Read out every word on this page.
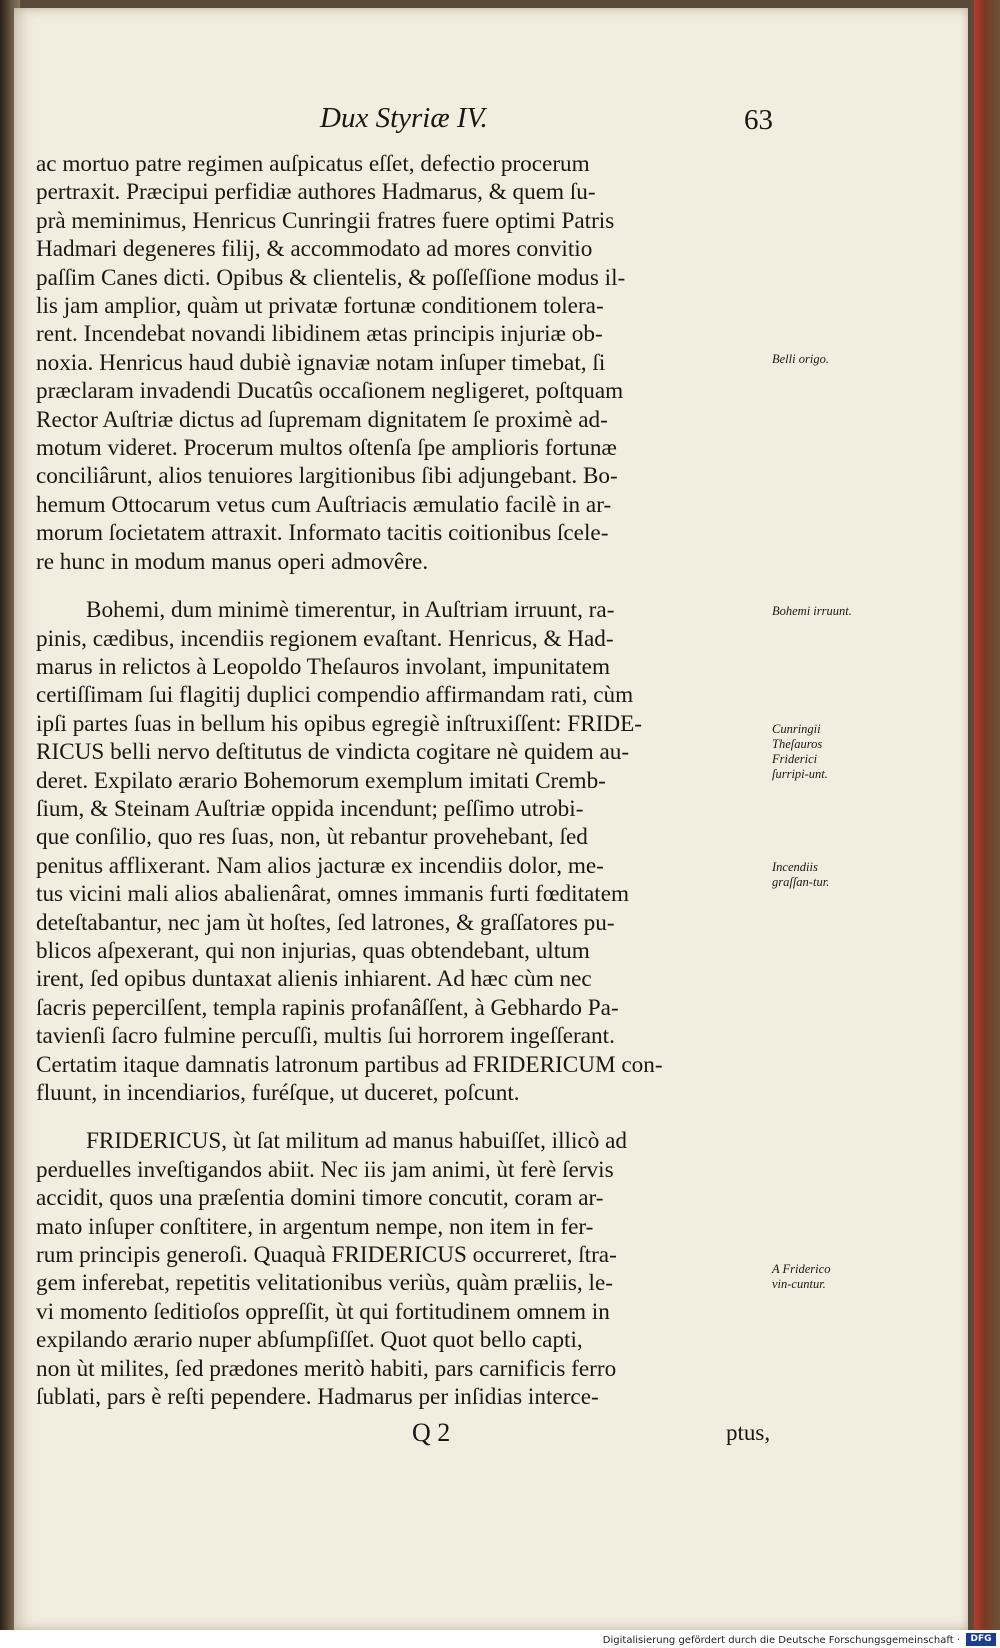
Dux Styriæ IV.	63
ac mortuo patre regimen auſpicatus eſſet, defectio procerum
pertraxit. Præcipui perfidiæ authores Hadmarus, & quem ſu-
prà meminimus, Henricus Cunringii fratres fuere optimi Patris
Hadmari degeneres filij, & accommodato ad mores convitio
paſſim Canes dicti. Opibus & clientelis, & poſſeſſione modus il-
lis jam amplior, quàm ut privatæ fortunæ conditionem tolera-
rent. Incendebat novandi libidinem ætas principis injuriæ ob-
noxia. Henricus haud dubiè ignaviæ notam inſuper timebat, ſi
præclaram invadendi Ducatûs occaſionem negligeret, poſtquam
Rector Auſtriæ dictus ad ſupremam dignitatem ſe proximè ad-
motum videret. Procerum multos oſtenſa ſpe amplioris fortunæ
conciliârunt, alios tenuiores largitionibus ſibi adjungebant. Bo-
hemum Ottocarum vetus cum Auſtriacis æmulatio facilè in ar-
morum ſocietatem attraxit. Informato tacitis coitionibus ſcele-
re hunc in modum manus operi admovêre.
Bohemi, dum minimè timerentur, in Auſtriam irruunt, ra-
pinis, cædibus, incendiis regionem evaſtant. Henricus, & Had-
marus in relictos à Leopoldo Theſauros involant, impunitatem
certiſſimam ſui flagitij duplici compendio affirmandam rati, cùm
ipſi partes ſuas in bellum his opibus egregiè inſtruxiſſent: FRIDE-
RICUS belli nervo deſtitutus de vindicta cogitare nè quidem au-
deret. Expilato ærario Bohemorum exemplum imitati Cremb-
ſium, & Steinam Auſtriæ oppida incendunt; peſſimo utrobi-
que conſilio, quo res ſuas, non, ùt rebantur provehebant, ſed
penitus afflixerant. Nam alios jacturæ ex incendiis dolor, me-
tus vicini mali alios abalienârat, omnes immanis furti fœditatem
deteſtabantur, nec jam ùt hoſtes, ſed latrones, & graſſatores pu-
blicos aſpexerant, qui non injurias, quas obtendebant, ultum
irent, ſed opibus duntaxat alienis inhiarent. Ad hæc cùm nec
ſacris pepercilſent, templa rapinis profanâſſent, à Gebhardo Pa-
tavienſi ſacro fulmine percuſſi, multis ſui horrorem ingeſſerant.
Certatim itaque damnatis latronum partibus ad FRIDERICUM con-
fluunt, in incendiarios, furéſque, ut duceret, poſcunt.
FRIDERICUS, ùt ſat militum ad manus habuiſſet, illicò ad
perduelles inveſtigandos abiit. Nec iis jam animi, ùt ferè ſervis
accidit, quos una præſentia domini timore concutit, coram ar-
mato inſuper conſtitere, in argentum nempe, non item in fer-
rum principis generoſi. Quaquà FRIDERICUS occurreret, ſtra-
gem inferebat, repetitis velitationibus veriùs, quàm præliis, le-
vi momento ſeditioſos oppreſſit, ùt qui fortitudinem omnem in
expilando ærario nuper abſumpſiſſet. Quot quot bello capti,
non ùt milites, ſed prædones meritò habiti, pars carnificis ferro
ſublati, pars è reſti pependere. Hadmarus per inſidias interce-
Belli origo.
Bohemi irruunt.
Cunringii Theſauros Friderici ſurripi-unt.
Incendiis graſſan-tur.
A Friderico vin-cuntur.
Q 2	ptus,
Digitalisierung gefördert durch die Deutsche Forschungsgemeinschaft ·	DFG
